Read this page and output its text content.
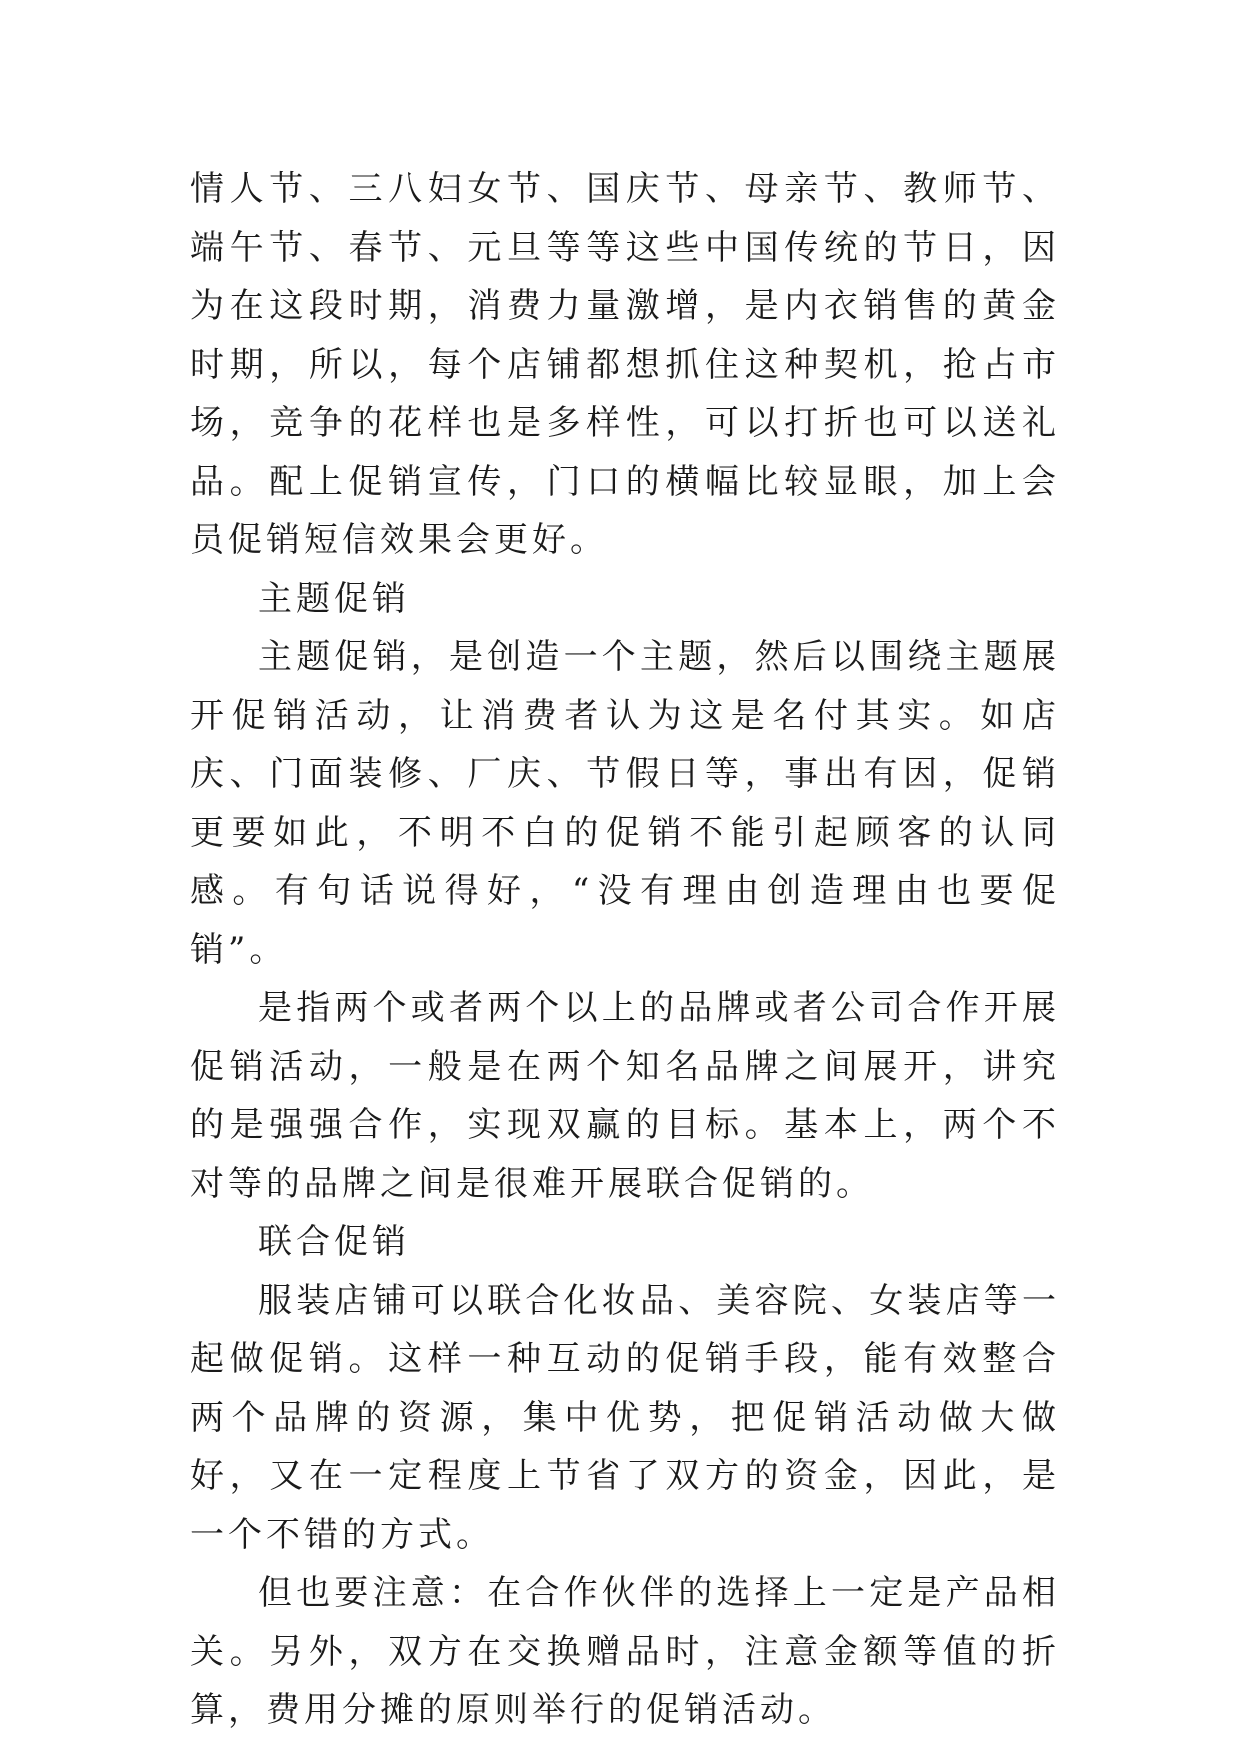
情人节、三八妇女节、国庆节、母亲节、教师节、端午节、春节、元旦等等这些中国传统的节日，因为在这段时期，消费力量激增，是内衣销售的黄金时期，所以，每个店铺都想抓住这种契机，抢占市场，竞争的花样也是多样性，可以打折也可以送礼品。配上促销宣传，门口的横幅比较显眼，加上会员促销短信效果会更好。

主题促销

主题促销，是创造一个主题，然后以围绕主题展开促销活动，让消费者认为这是名付其实。如店庆、门面装修、厂庆、节假日等，事出有因，促销更要如此，不明不白的促销不能引起顾客的认同感。有句话说得好，“没有理由创造理由也要促销”。

是指两个或者两个以上的品牌或者公司合作开展促销活动，一般是在两个知名品牌之间展开，讲究的是强强合作，实现双赢的目标。基本上，两个不对等的品牌之间是很难开展联合促销的。

联合促销

服装店铺可以联合化妆品、美容院、女装店等一起做促销。这样一种互动的促销手段，能有效整合两个品牌的资源，集中优势，把促销活动做大做好，又在一定程度上节省了双方的资金，因此，是一个不错的方式。

但也要注意：在合作伙伴的选择上一定是产品相关。另外，双方在交换赠品时，注意金额等值的折算，费用分摊的原则举行的促销活动。
